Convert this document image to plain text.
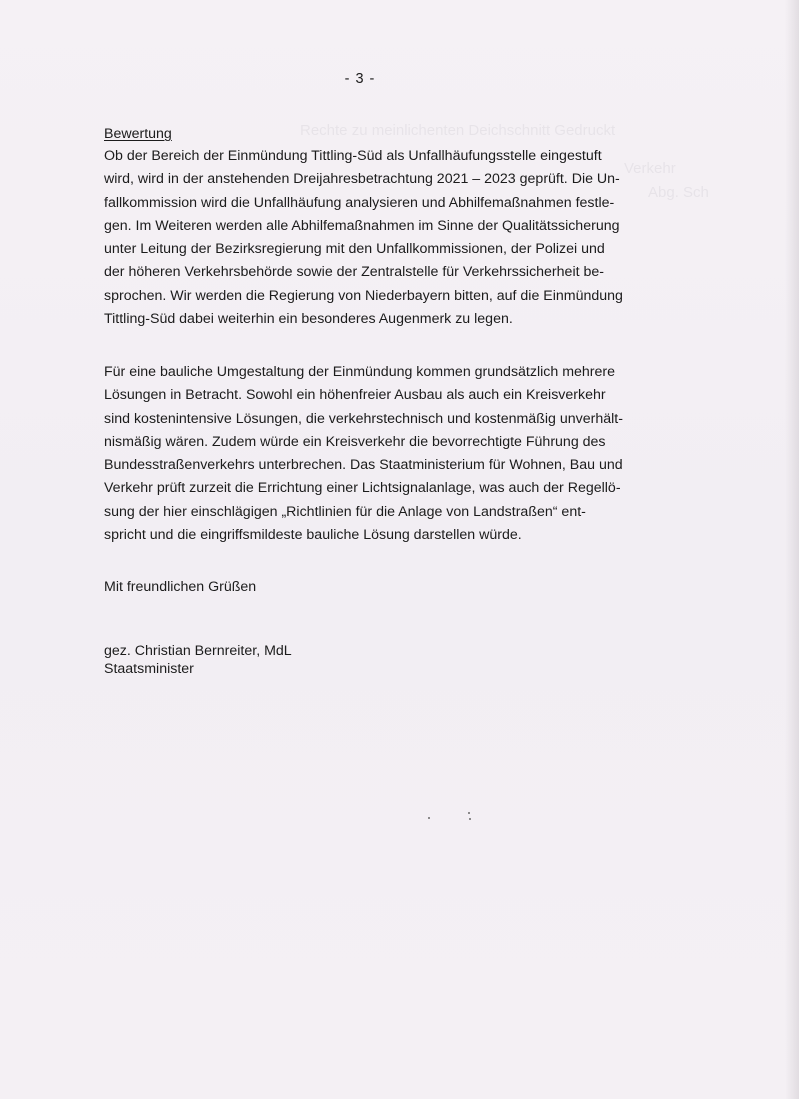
Rechte zu meinlichenten Deichschnitt Gedruckt
Verkehr
Abg. Sch
- 3 -
Bewertung
Ob der Bereich der Einmündung Tittling-Süd als Unfallhäufungsstelle eingestuft
wird, wird in der anstehenden Dreijahresbetrachtung 2021 – 2023 geprüft. Die Un-
fallkommission wird die Unfallhäufung analysieren und Abhilfemaßnahmen festle-
gen. Im Weiteren werden alle Abhilfemaßnahmen im Sinne der Qualitätssicherung
unter Leitung der Bezirksregierung mit den Unfallkommissionen, der Polizei und
der höheren Verkehrsbehörde sowie der Zentralstelle für Verkehrssicherheit be-
sprochen. Wir werden die Regierung von Niederbayern bitten, auf die Einmündung
Tittling-Süd dabei weiterhin ein besonderes Augenmerk zu legen.
Für eine bauliche Umgestaltung der Einmündung kommen grundsätzlich mehrere
Lösungen in Betracht. Sowohl ein höhenfreier Ausbau als auch ein Kreisverkehr
sind kostenintensive Lösungen, die verkehrstechnisch und kostenmäßig unverhält-
nismäßig wären. Zudem würde ein Kreisverkehr die bevorrechtigte Führung des
Bundesstraßenverkehrs unterbrechen. Das Staatministerium für Wohnen, Bau und
Verkehr prüft zurzeit die Errichtung einer Lichtsignalanlage, was auch der Regellö-
sung der hier einschlägigen „Richtlinien für die Anlage von Landstraßen“ ent-
spricht und die eingriffsmildeste bauliche Lösung darstellen würde.
Mit freundlichen Grüßen
gez. Christian Bernreiter, MdL
Staatsminister
